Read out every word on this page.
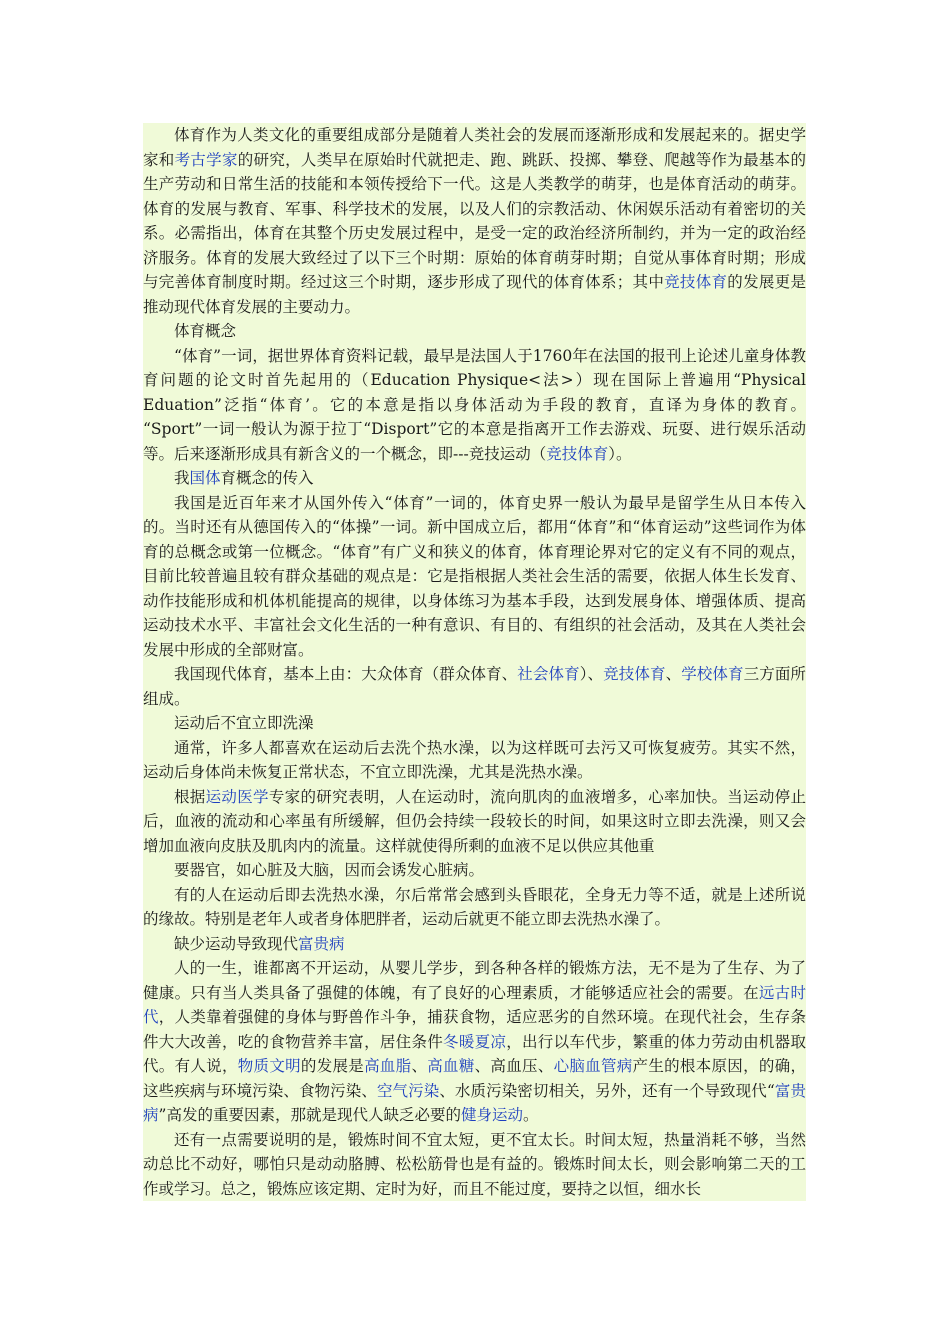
体育作为人类文化的重要组成部分是随着人类社会的发展而逐渐形成和发展起来的。据史学家和考古学家的研究，人类早在原始时代就把走、跑、跳跃、投掷、攀登、爬越等作为最基本的生产劳动和日常生活的技能和本领传授给下一代。这是人类教学的萌芽，也是体育活动的萌芽。体育的发展与教育、军事、科学技术的发展，以及人们的宗教活动、休闲娱乐活动有着密切的关系。必需指出，体育在其整个历史发展过程中，是受一定的政治经济所制约，并为一定的政治经济服务。体育的发展大致经过了以下三个时期：原始的体育萌芽时期；自觉从事体育时期；形成与完善体育制度时期。经过这三个时期，逐步形成了现代的体育体系；其中竞技体育的发展更是推动现代体育发展的主要动力。

体育概念

“体育”一词，据世界体育资料记载，最早是法国人于1760年在法国的报刊上论述儿童身体教育问题的论文时首先起用的（Education Physique<法>）现在国际上普遍用“Physical Eduation”泛指“体育’。它的本意是指以身体活动为手段的教育，直译为身体的教育。 “Sport”一词一般认为源于拉丁“Disport”它的本意是指离开工作去游戏、玩耍、进行娱乐活动等。后来逐渐形成具有新含义的一个概念，即---竞技运动（竞技体育）。

我国体育概念的传入

我国是近百年来才从国外传入“体育”一词的，体育史界一般认为最早是留学生从日本传入的。当时还有从德国传入的“体操”一词。新中国成立后，都用“体育”和“体育运动”这些词作为体育的总概念或第一位概念。“体育”有广义和狭义的体育，体育理论界对它的定义有不同的观点，目前比较普遍且较有群众基础的观点是：它是指根据人类社会生活的需要，依据人体生长发育、动作技能形成和机体机能提高的规律，以身体练习为基本手段，达到发展身体、增强体质、提高运动技术水平、丰富社会文化生活的一种有意识、有目的、有组织的社会活动，及其在人类社会发展中形成的全部财富。

我国现代体育，基本上由：大众体育（群众体育、社会体育）、竞技体育、学校体育三方面所组成。

运动后不宜立即洗澡

通常，许多人都喜欢在运动后去洗个热水澡，以为这样既可去污又可恢复疲劳。其实不然，运动后身体尚未恢复正常状态，不宜立即洗澡，尤其是洗热水澡。

根据运动医学专家的研究表明，人在运动时，流向肌肉的血液增多，心率加快。当运动停止后，血液的流动和心率虽有所缓解，但仍会持续一段较长的时间，如果这时立即去洗澡，则又会增加血液向皮肤及肌肉内的流量。这样就使得所剩的血液不足以供应其他重

要器官，如心脏及大脑，因而会诱发心脏病。

有的人在运动后即去洗热水澡，尔后常常会感到头昏眼花，全身无力等不适，就是上述所说的缘故。特别是老年人或者身体肥胖者，运动后就更不能立即去洗热水澡了。

缺少运动导致现代富贵病

人的一生，谁都离不开运动，从婴儿学步，到各种各样的锻炼方法，无不是为了生存、为了健康。只有当人类具备了强健的体魄，有了良好的心理素质，才能够适应社会的需要。在远古时代，人类靠着强健的身体与野兽作斗争，捕获食物，适应恶劣的自然环境。在现代社会，生存条件大大改善，吃的食物营养丰富，居住条件冬暖夏凉，出行以车代步，繁重的体力劳动由机器取代。有人说，物质文明的发展是高血脂、高血糖、高血压、心脑血管病产生的根本原因，的确，这些疾病与环境污染、食物污染、空气污染、水质污染密切相关，另外，还有一个导致现代“富贵病”高发的重要因素，那就是现代人缺乏必要的健身运动。

还有一点需要说明的是，锻炼时间不宜太短，更不宜太长。时间太短，热量消耗不够，当然动总比不动好，哪怕只是动动胳膊、松松筋骨也是有益的。锻炼时间太长，则会影响第二天的工作或学习。总之，锻炼应该定期、定时为好，而且不能过度，要持之以恒，细水长
